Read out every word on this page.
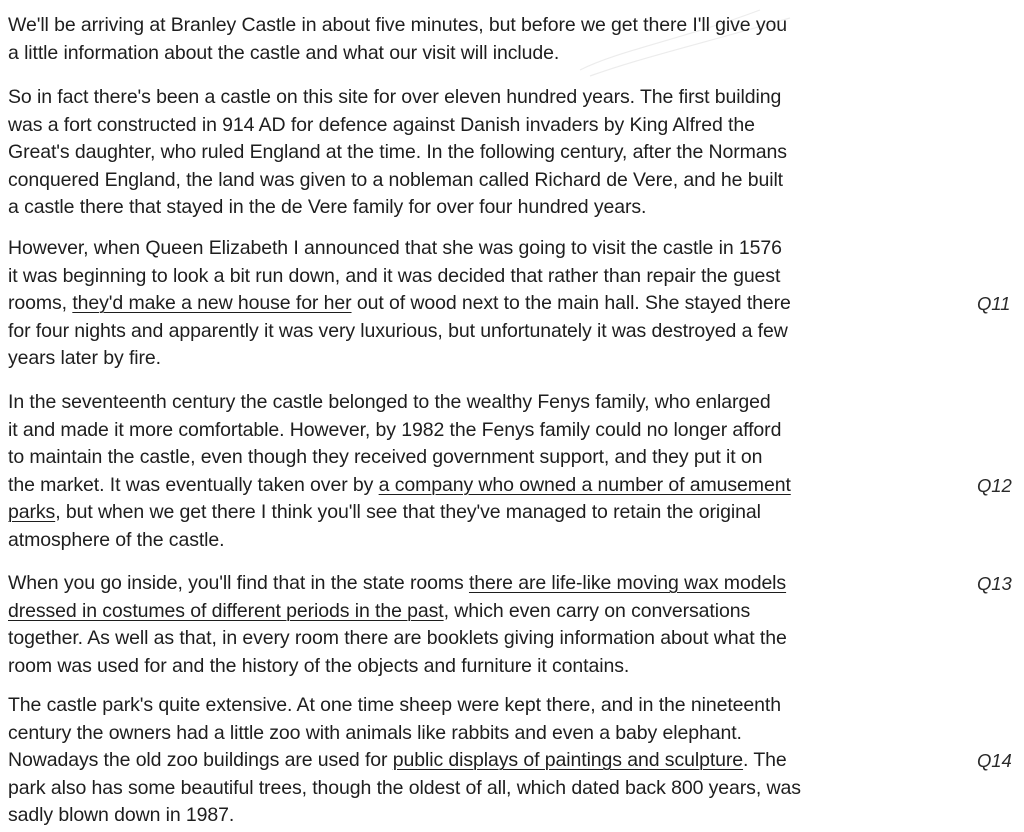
We'll be arriving at Branley Castle in about five minutes, but before we get there I'll give you
a little information about the castle and what our visit will include.

So in fact there's been a castle on this site for over eleven hundred years. The first building
was a fort constructed in 914 AD for defence against Danish invaders by King Alfred the
Great's daughter, who ruled England at the time. In the following century, after the Normans
conquered England, the land was given to a nobleman called Richard de Vere, and he built
a castle there that stayed in the de Vere family for over four hundred years.

However, when Queen Elizabeth I announced that she was going to visit the castle in 1576
it was beginning to look a bit run down, and it was decided that rather than repair the guest
rooms, they'd make a new house for her out of wood next to the main hall. She stayed there	Q11
for four nights and apparently it was very luxurious, but unfortunately it was destroyed a few
years later by fire.

In the seventeenth century the castle belonged to the wealthy Fenys family, who enlarged
it and made it more comfortable. However, by 1982 the Fenys family could no longer afford
to maintain the castle, even though they received government support, and they put it on
the market. It was eventually taken over by a company who owned a number of amusement	Q12
parks, but when we get there I think you'll see that they've managed to retain the original
atmosphere of the castle.

When you go inside, you'll find that in the state rooms there are life-like moving wax models	Q13
dressed in costumes of different periods in the past, which even carry on conversations
together. As well as that, in every room there are booklets giving information about what the
room was used for and the history of the objects and furniture it contains.

The castle park's quite extensive. At one time sheep were kept there, and in the nineteenth
century the owners had a little zoo with animals like rabbits and even a baby elephant.
Nowadays the old zoo buildings are used for public displays of paintings and sculpture. The	Q14
park also has some beautiful trees, though the oldest of all, which dated back 800 years, was
sadly blown down in 1987.
